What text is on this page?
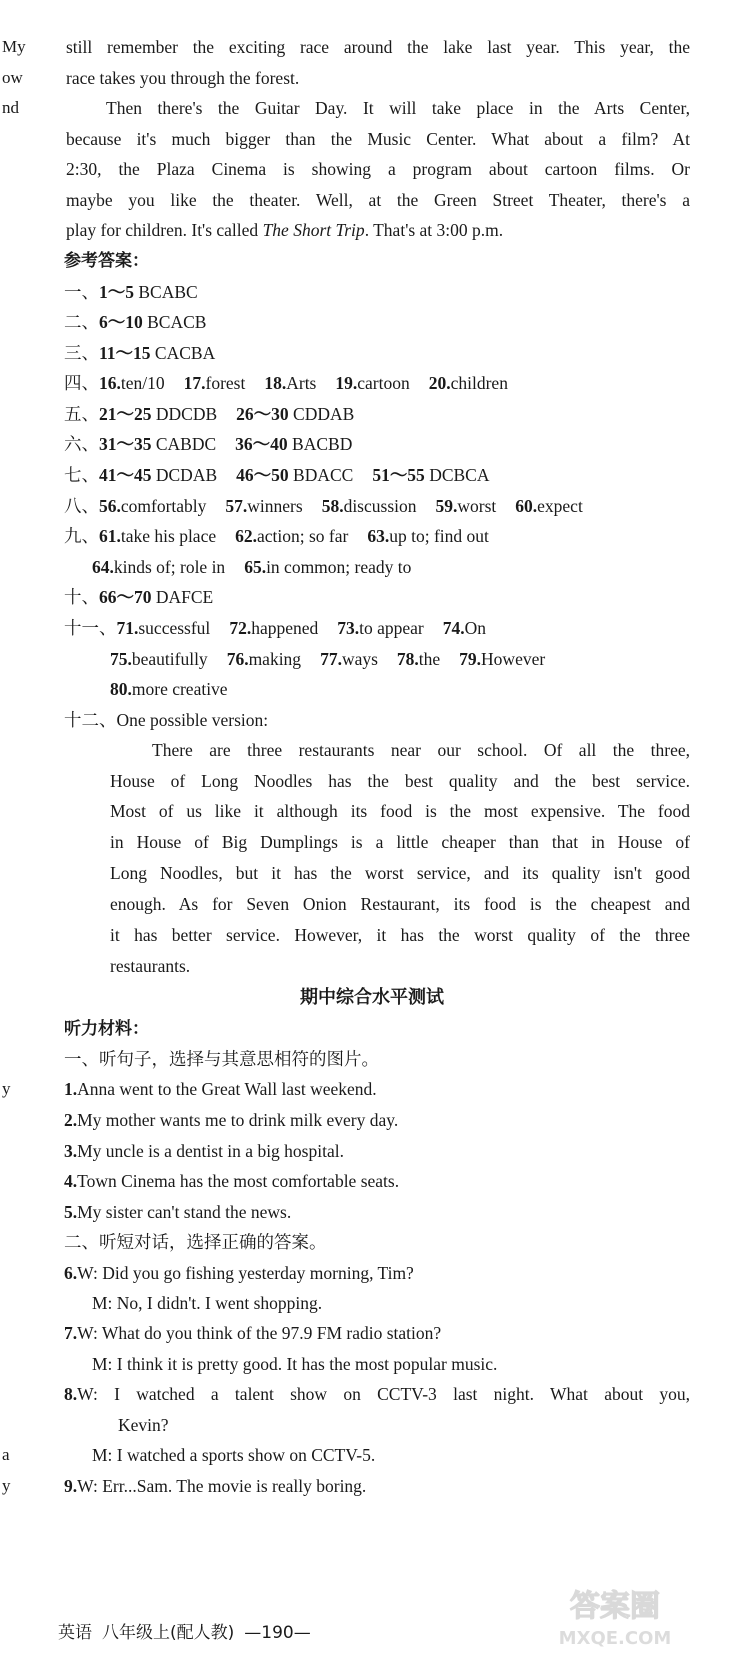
My
ow
nd
y
a
y
still remember the exciting race around the lake last year. This year, the
race takes you through the forest.
Then there's the Guitar Day. It will take place in the Arts Center,
because it's much bigger than the Music Center. What about a film? At
2:30, the Plaza Cinema is showing a program about cartoon films. Or
maybe you like the theater. Well, at the Green Street Theater, there's a
play for children. It's called The Short Trip. That's at 3:00 p.m.
参考答案：
一、1～5 BCABC
二、6～10 BCACB
三、11～15 CACBA
四、16.ten/10 17.forest 18.Arts 19.cartoon 20.children
五、21～25 DDCDB 26～30 CDDAB
六、31～35 CABDC 36～40 BACBD
七、41～45 DCDAB 46～50 BDACC 51～55 DCBCA
八、56.comfortably 57.winners 58.discussion 59.worst 60.expect
九、61.take his place 62.action; so far 63.up to; find out
64.kinds of; role in 65.in common; ready to
十、66～70 DAFCE
十一、71.successful 72.happened 73.to appear 74.On
75.beautifully 76.making 77.ways 78.the 79.However
80.more creative
十二、One possible version:
There are three restaurants near our school. Of all the three,
House of Long Noodles has the best quality and the best service.
Most of us like it although its food is the most expensive. The food
in House of Big Dumplings is a little cheaper than that in House of
Long Noodles, but it has the worst service, and its quality isn't good
enough. As for Seven Onion Restaurant, its food is the cheapest and
it has better service. However, it has the worst quality of the three
restaurants.
期中综合水平测试
听力材料：
一、听句子，选择与其意思相符的图片。
1.Anna went to the Great Wall last weekend.
2.My mother wants me to drink milk every day.
3.My uncle is a dentist in a big hospital.
4.Town Cinema has the most comfortable seats.
5.My sister can't stand the news.
二、听短对话，选择正确的答案。
6.W: Did you go fishing yesterday morning, Tim?
M: No, I didn't. I went shopping.
7.W: What do you think of the 97.9 FM radio station?
M: I think it is pretty good. It has the most popular music.
8.W: I watched a talent show on CCTV-3 last night. What about you,
Kevin?
M: I watched a sports show on CCTV-5.
9.W: Err...Sam. The movie is really boring.
英语 八年级上(配人教) —190—
答案圈
MXQE.COM
